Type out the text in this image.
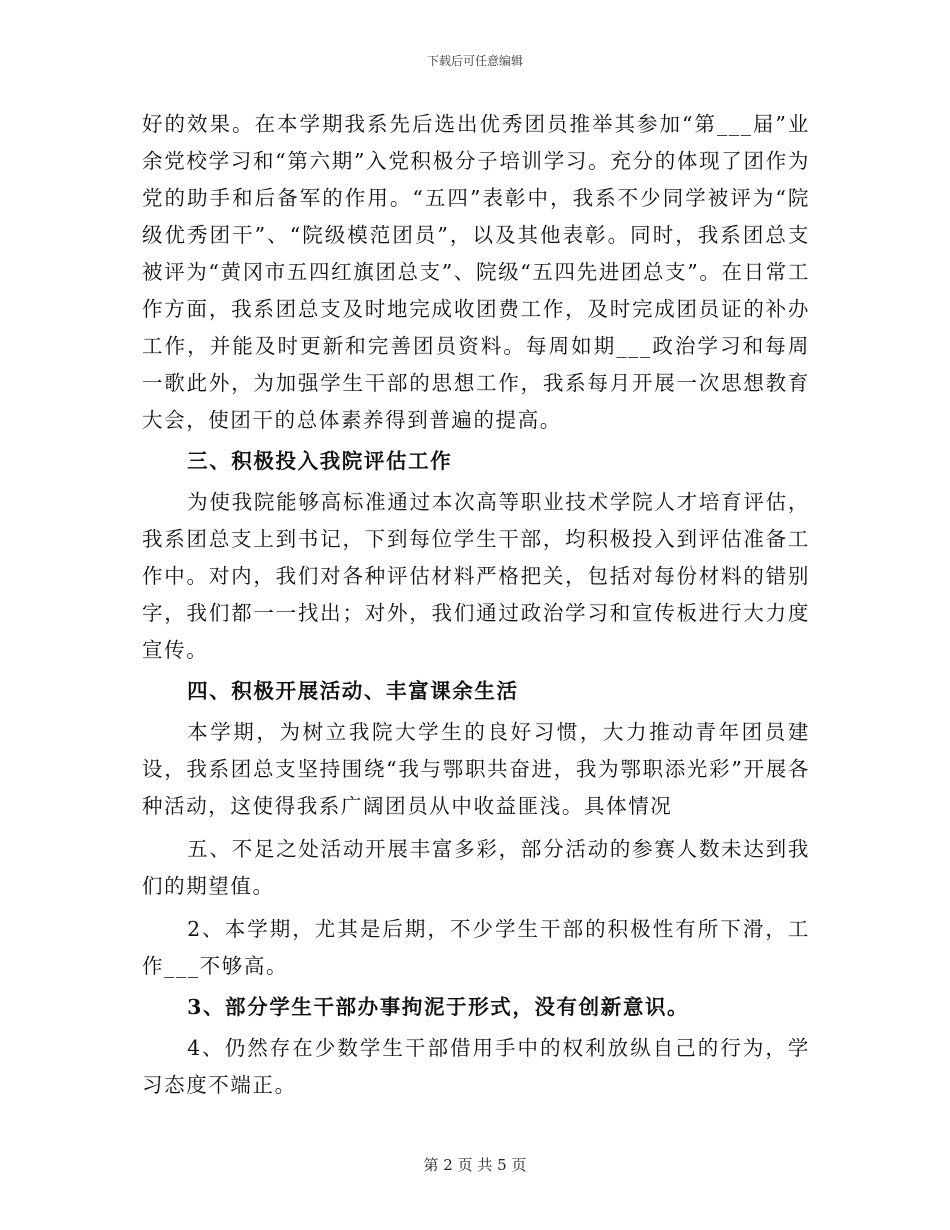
下载后可任意编辑

好的效果。在本学期我系先后选出优秀团员推举其参加“第___届”业余党校学习和“第六期”入党积极分子培训学习。充分的体现了团作为党的助手和后备军的作用。“五四”表彰中，我系不少同学被评为“院级优秀团干”、“院级模范团员”，以及其他表彰。同时，我系团总支被评为“黄冈市五四红旗团总支”、院级“五四先进团总支”。在日常工作方面，我系团总支及时地完成收团费工作，及时完成团员证的补办工作，并能及时更新和完善团员资料。每周如期___政治学习和每周一歌此外，为加强学生干部的思想工作，我系每月开展一次思想教育大会，使团干的总体素养得到普遍的提高。

三、积极投入我院评估工作

为使我院能够高标准通过本次高等职业技术学院人才培育评估，我系团总支上到书记，下到每位学生干部，均积极投入到评估准备工作中。对内，我们对各种评估材料严格把关，包括对每份材料的错别字，我们都一一找出；对外，我们通过政治学习和宣传板进行大力度宣传。

四、积极开展活动、丰富课余生活

本学期，为树立我院大学生的良好习惯，大力推动青年团员建设，我系团总支坚持围绕“我与鄂职共奋进，我为鄂职添光彩”开展各种活动，这使得我系广阔团员从中收益匪浅。具体情况

五、不足之处活动开展丰富多彩，部分活动的参赛人数未达到我们的期望值。

2、本学期，尤其是后期，不少学生干部的积极性有所下滑，工作___不够高。

3、部分学生干部办事拘泥于形式，没有创新意识。

4、仍然存在少数学生干部借用手中的权利放纵自己的行为，学习态度不端正。

第 2 页 共 5 页
